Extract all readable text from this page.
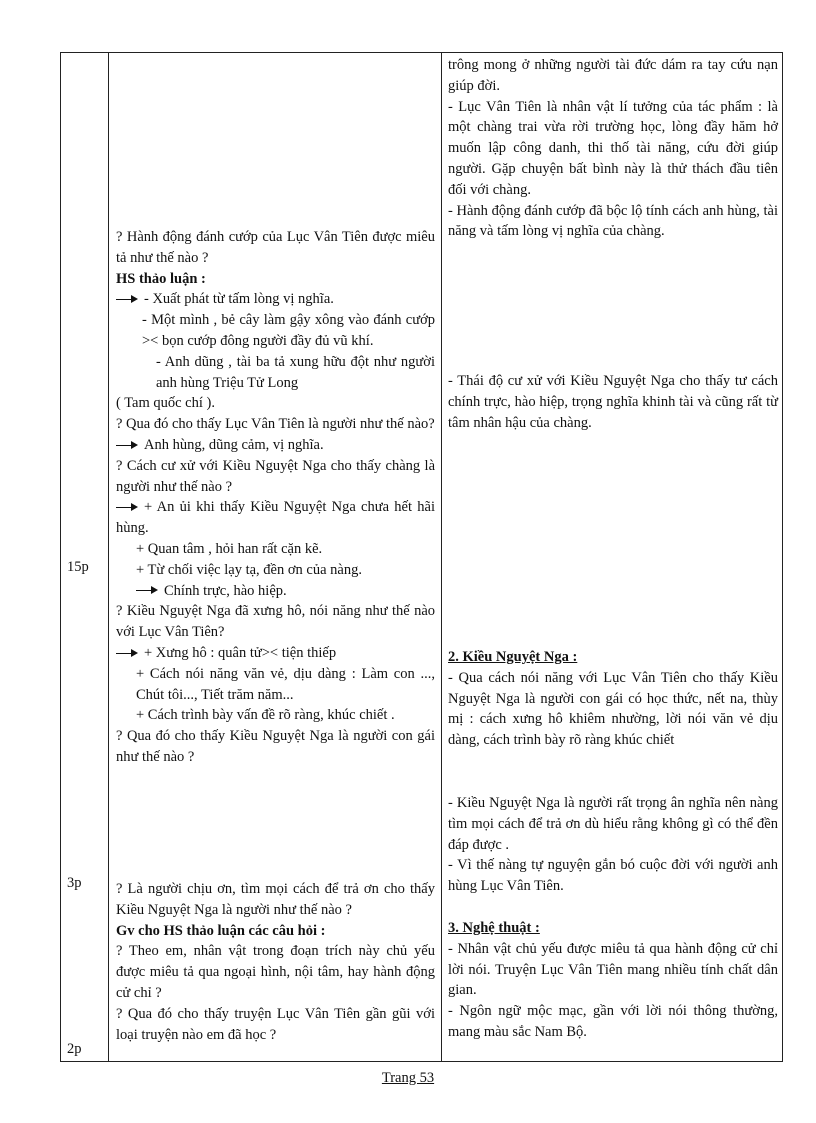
15p
3p
2p

? Hành động đánh cướp của Lục Vân Tiên được miêu tả như thế nào ?

HS thảo luận :

- Xuất phát từ tấm lòng vị nghĩa.

- Một mình , bẻ cây làm gậy xông vào đánh cướp >< bọn cướp đông người đầy đủ vũ khí.

- Anh dũng , tài ba tả xung hữu đột như người anh hùng Triệu Tử Long

( Tam quốc chí ).

? Qua đó cho thấy Lục Vân Tiên là người như thế nào?

Anh hùng, dũng cảm, vị nghĩa.

? Cách cư xử với Kiều Nguyệt Nga cho thấy chàng là người như thế nào ?

+ An ủi khi thấy Kiều Nguyệt Nga chưa hết hãi hùng.

+ Quan tâm , hỏi han rất cặn kẽ.

+ Từ chối việc lạy tạ, đền ơn của nàng.

Chính trực, hào hiệp.

? Kiều Nguyệt Nga đã xưng hô, nói năng như thế nào với Lục Vân Tiên?

+ Xưng hô : quân tử>< tiện thiếp

+ Cách nói năng văn vẻ, dịu dàng : Làm con ..., Chút tôi..., Tiết trăm năm...

+ Cách trình bày vấn đề rõ ràng, khúc chiết .

? Qua đó cho thấy Kiều Nguyệt Nga là người con gái như thế nào ?

? Là người chịu ơn, tìm mọi cách để trả ơn cho thấy Kiều Nguyệt Nga là người như thế nào ?

Gv cho HS thảo luận các câu hỏi :

? Theo em, nhân vật trong đoạn trích này chủ yếu được miêu tả qua ngoại hình, nội tâm, hay hành động cử chỉ ?

? Qua đó cho thấy truyện Lục Vân Tiên gần gũi với loại truyện nào em đã học ?

trông mong ở những người tài đức dám ra tay cứu nạn giúp đời.

- Lục Vân Tiên là nhân vật lí tưởng của tác phẩm : là một chàng trai vừa rời trường học, lòng đầy hăm hở muốn lập công danh, thi thố tài năng, cứu đời giúp người. Gặp chuyện bất bình này là thử thách đầu tiên đối với chàng.

- Hành động đánh cướp đã bộc lộ tính cách anh hùng, tài năng và tấm lòng vị nghĩa của chàng.

- Thái độ cư xử với Kiều Nguyệt Nga cho thấy tư cách chính trực, hào hiệp, trọng nghĩa khinh tài và cũng rất từ tâm nhân hậu của chàng.

2. Kiều Nguyệt Nga :

- Qua cách nói năng với Lục Vân Tiên cho thấy Kiều Nguyệt Nga là người con gái có học thức, nết na, thùy mị : cách xưng hô khiêm nhường, lời nói văn vẻ dịu dàng, cách trình bày rõ ràng khúc chiết

- Kiều Nguyệt Nga là người rất trọng ân nghĩa nên nàng tìm mọi cách để trả ơn dù hiểu rằng không gì có thể đền đáp được .

- Vì thế nàng tự nguyện gắn bó cuộc đời với người anh hùng Lục Vân Tiên.

3. Nghệ thuật :

- Nhân vật chủ yếu được miêu tả qua hành động cử chỉ lời nói. Truyện Lục Vân Tiên mang nhiều tính chất dân gian.

- Ngôn ngữ mộc mạc, gần với lời nói thông thường, mang màu sắc Nam Bộ.

Trang 53
